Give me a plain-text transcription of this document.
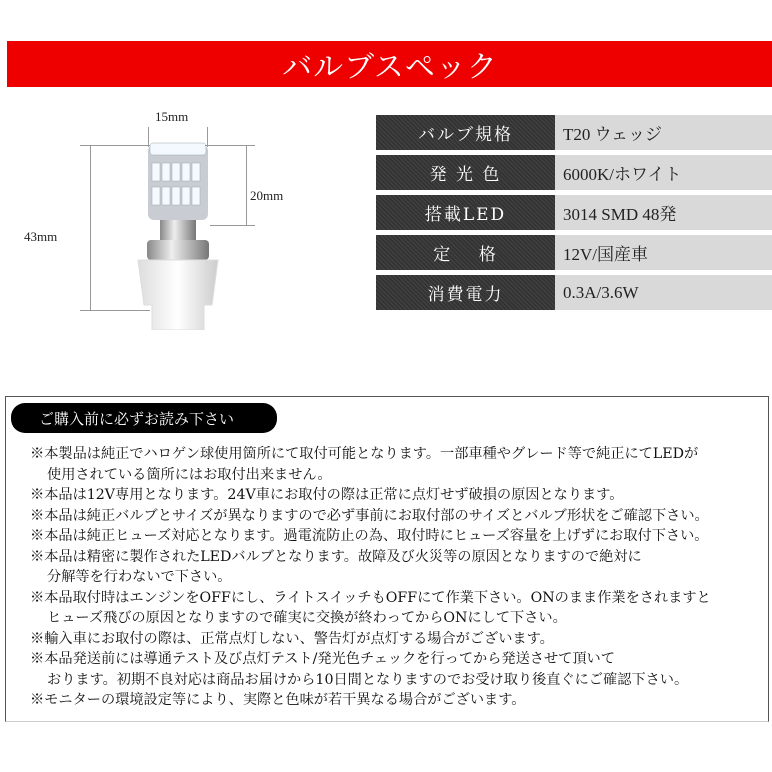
バルブスペック
15mm
20mm
43mm
バルブ規格	T20 ウェッジ
発 光 色	6000K/ホワイト
搭載LED	3014 SMD 48発
定　 格	12V/国産車
消費電力	0.3A/3.6W
ご購入前に必ずお読み下さい
※本製品は純正でハロゲン球使用箇所にて取付可能となります。一部車種やグレード等で純正にてLEDが
使用されている箇所にはお取付出来ません。
※本品は12V専用となります。24V車にお取付の際は正常に点灯せず破損の原因となります。
※本品は純正バルブとサイズが異なりますので必ず事前にお取付部のサイズとバルブ形状をご確認下さい。
※本品は純正ヒューズ対応となります。過電流防止の為、取付時にヒューズ容量を上げずにお取付下さい。
※本品は精密に製作されたLEDバルブとなります。故障及び火災等の原因となりますので絶対に
分解等を行わないで下さい。
※本品取付時はエンジンをOFFにし、ライトスイッチもOFFにて作業下さい。ONのまま作業をされますと
ヒューズ飛びの原因となりますので確実に交換が終わってからONにして下さい。
※輸入車にお取付の際は、正常点灯しない、警告灯が点灯する場合がございます。
※本品発送前には導通テスト及び点灯テスト/発光色チェックを行ってから発送させて頂いて
おります。初期不良対応は商品お届けから10日間となりますのでお受け取り後直ぐにご確認下さい。
※モニターの環境設定等により、実際と色味が若干異なる場合がございます。
